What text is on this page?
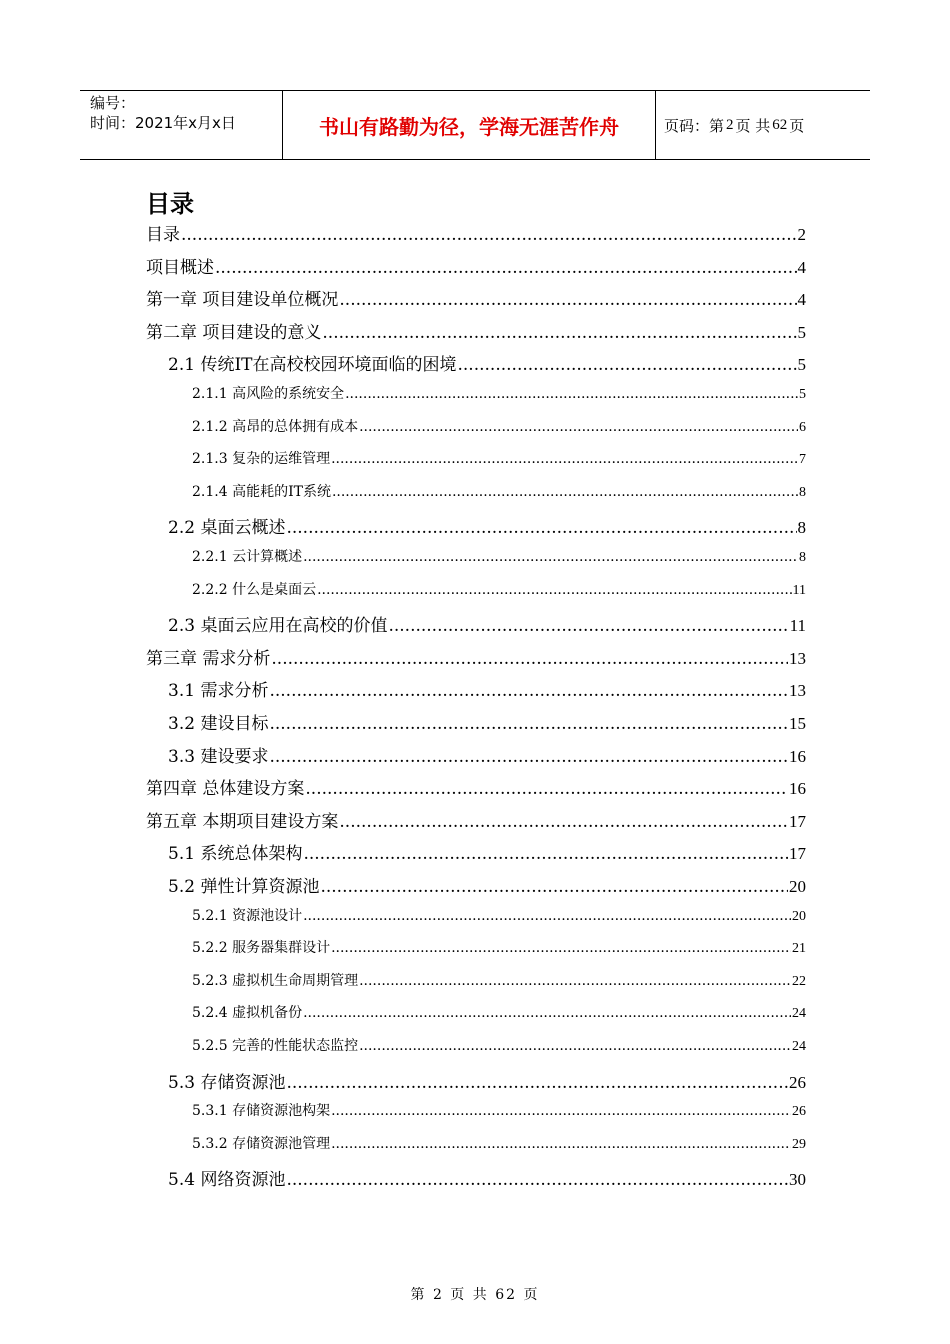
编号：
时间：2021年x月x日	书山有路勤为径，学海无涯苦作舟	页码：第 2 页 共 62 页
目录
目录 .....	2
项目概述 .....	4
第一章 项目建设单位概况 .....	4
第二章 项目建设的意义 .....	5
2.1 传统IT在高校校园环境面临的困境 .....	5
2.1.1 高风险的系统安全 .....	5
2.1.2 高昂的总体拥有成本 .....	6
2.1.3 复杂的运维管理 .....	7
2.1.4 高能耗的IT系统 .....	8
2.2 桌面云概述 .....	8
2.2.1 云计算概述 .....	8
2.2.2 什么是桌面云 .....	11
2.3 桌面云应用在高校的价值 .....	11
第三章 需求分析 .....	13
3.1 需求分析 .....	13
3.2 建设目标 .....	15
3.3 建设要求 .....	16
第四章 总体建设方案 .....	16
第五章 本期项目建设方案 .....	17
5.1 系统总体架构 .....	17
5.2 弹性计算资源池 .....	20
5.2.1 资源池设计 .....	20
5.2.2 服务器集群设计 .....	21
5.2.3 虚拟机生命周期管理 .....	22
5.2.4 虚拟机备份 .....	24
5.2.5 完善的性能状态监控 .....	24
5.3 存储资源池 .....	26
5.3.1 存储资源池构架 .....	26
5.3.2 存储资源池管理 .....	29
5.4 网络资源池 .....	30
第 2 页 共 62 页
